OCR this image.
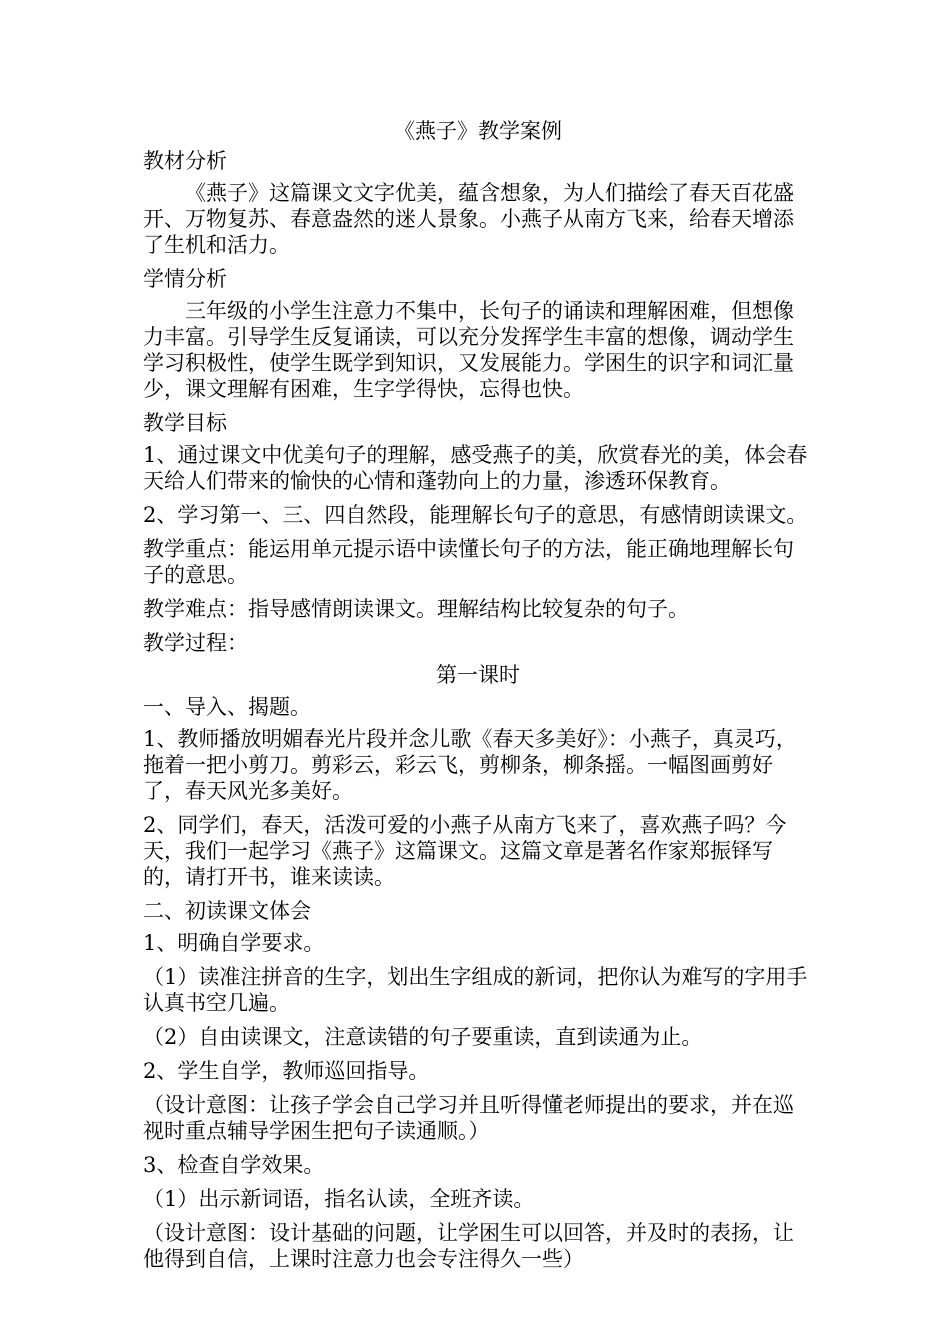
《燕子》教学案例

教材分析

《燕子》这篇课文文字优美，蕴含想象，为人们描绘了春天百花盛开、万物复苏、春意盎然的迷人景象。小燕子从南方飞来，给春天增添了生机和活力。

学情分析

三年级的小学生注意力不集中，长句子的诵读和理解困难，但想像力丰富。引导学生反复诵读，可以充分发挥学生丰富的想像，调动学生学习积极性，使学生既学到知识，又发展能力。学困生的识字和词汇量少，课文理解有困难，生字学得快，忘得也快。

教学目标

1、通过课文中优美句子的理解，感受燕子的美，欣赏春光的美，体会春天给人们带来的愉快的心情和蓬勃向上的力量，渗透环保教育。

2、学习第一、三、四自然段，能理解长句子的意思，有感情朗读课文。

教学重点：能运用单元提示语中读懂长句子的方法，能正确地理解长句子的意思。

教学难点：指导感情朗读课文。理解结构比较复杂的句子。

教学过程：

第一课时

一、导入、揭题。

1、教师播放明媚春光片段并念儿歌《春天多美好》：小燕子，真灵巧，拖着一把小剪刀。剪彩云，彩云飞，剪柳条，柳条摇。一幅图画剪好了，春天风光多美好。

2、同学们，春天，活泼可爱的小燕子从南方飞来了，喜欢燕子吗？今天，我们一起学习《燕子》这篇课文。这篇文章是著名作家郑振铎写的，请打开书，谁来读读。

二、初读课文体会

1、明确自学要求。

（1）读准注拼音的生字，划出生字组成的新词，把你认为难写的字用手认真书空几遍。

（2）自由读课文，注意读错的句子要重读，直到读通为止。

2、学生自学，教师巡回指导。

（设计意图：让孩子学会自己学习并且听得懂老师提出的要求，并在巡视时重点辅导学困生把句子读通顺。）

3、检查自学效果。

（1）出示新词语，指名认读，全班齐读。

（设计意图：设计基础的问题，让学困生可以回答，并及时的表扬，让他得到自信，上课时注意力也会专注得久一些）
